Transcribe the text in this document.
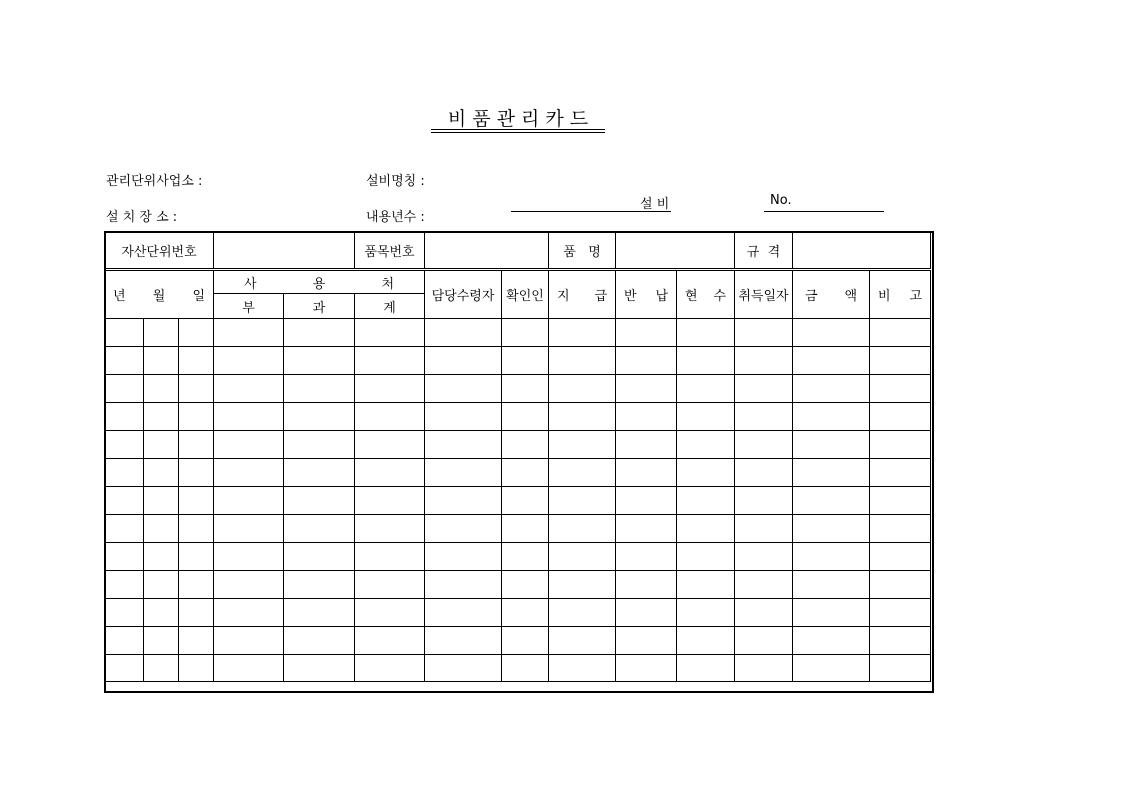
비 품 관 리 카 드
관리단위사업소 :
설 치 장 소 :
설비명칭 :
내용년수 :
설 비	No.
자산단위번호					품목번호			품   명			규  격		

년 월 일			사 용 처			담당수령자	확인인	지 급	반 납	현 수	취득일자	금 액	비 고

			부	과	계								
